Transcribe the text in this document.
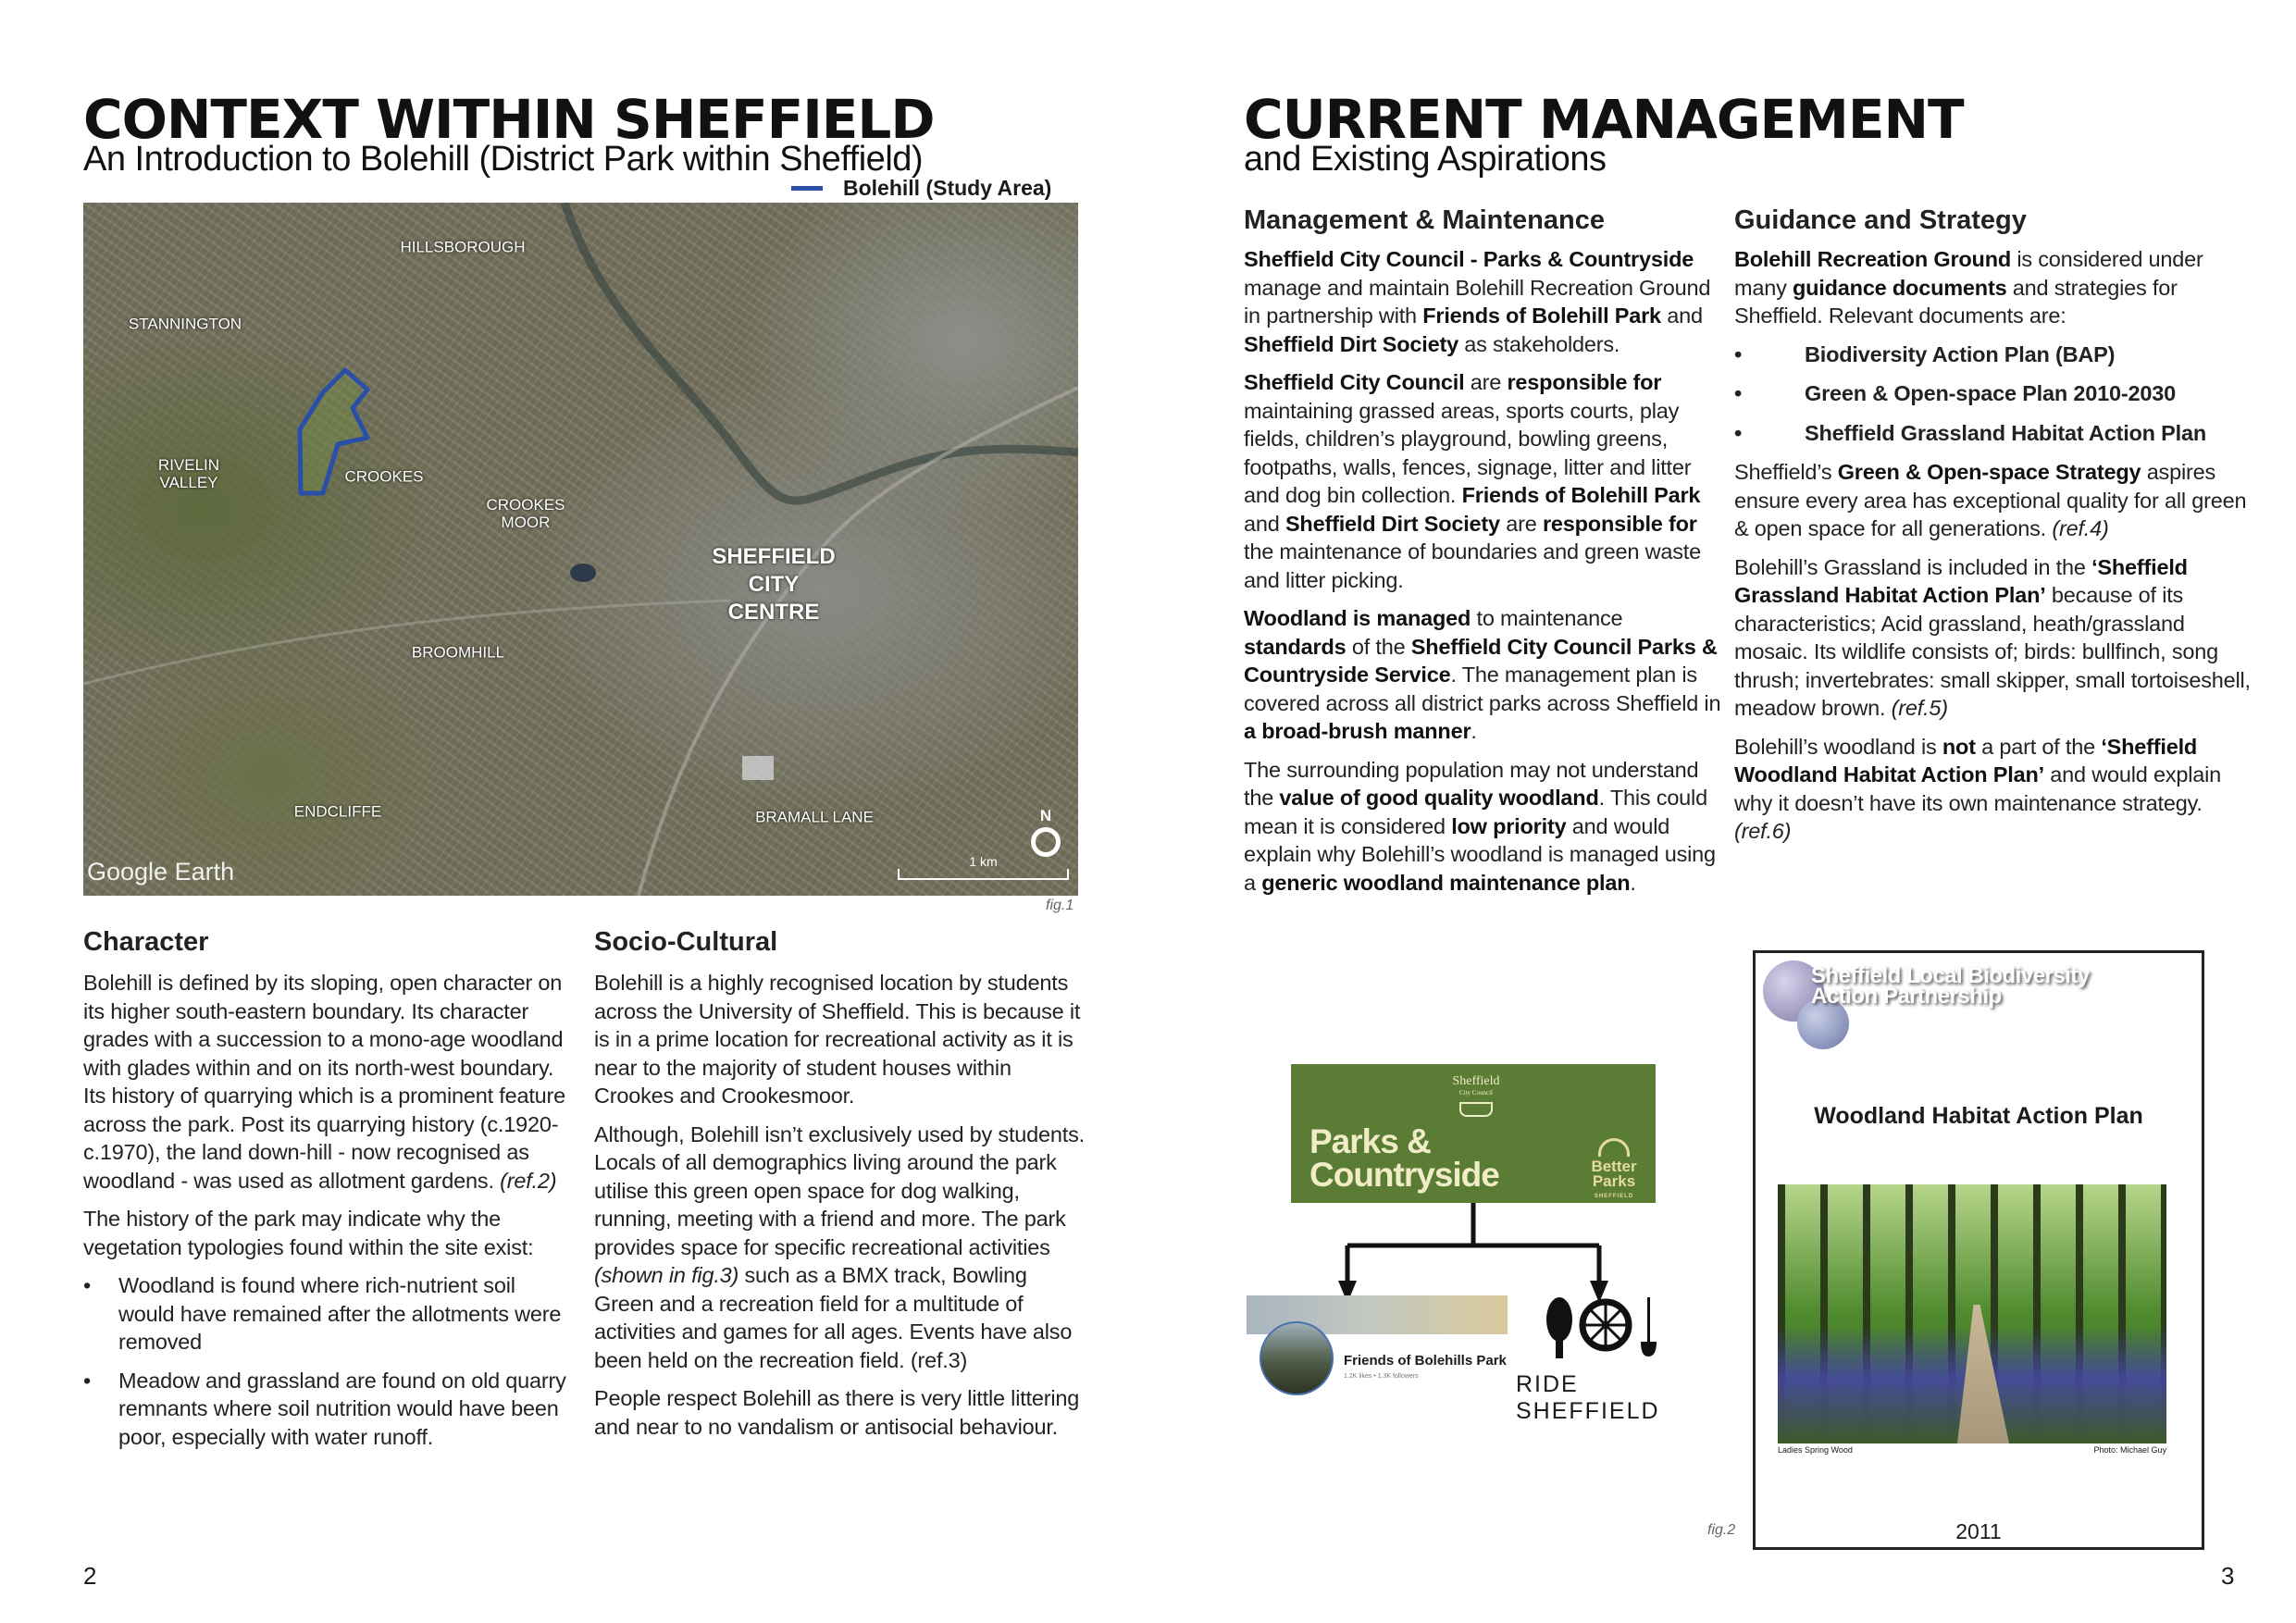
CONTEXT WITHIN SHEFFIELD
An Introduction to Bolehill (District Park within Sheffield)
Bolehill (Study Area)
HILLSBOROUGH
STANNINGTON
RIVELIN
VALLEY	CROOKES
CROOKES
MOOR
SHEFFIELD
CITY
CENTRE
BROOMHILL
ENDCLIFFE	BRAMALL LANE
Google Earth
N
1 km
fig.1
Character

Bolehill is defined by its sloping, open character on its higher south-eastern boundary. Its character grades with a succession to a mono-age woodland with glades within and on its north-west boundary. Its history of quarrying which is a prominent feature across the park. Post its quarrying history (c.1920-c.1970), the land down-hill - now recognised as woodland - was used as allotment gardens. (ref.2)

The history of the park may indicate why the vegetation typologies found within the site exist:

• Woodland is found where rich-nutrient soil would have remained after the allotments were removed
• Meadow and grassland are found on old quarry remnants where soil nutrition would have been poor, especially with water runoff.
Socio-Cultural

Bolehill is a highly recognised location by students across the University of Sheffield. This is because it is in a prime location for recreational activity as it is near to the majority of student houses within Crookes and Crookesmoor.

Although, Bolehill isn’t exclusively used by students. Locals of all demographics living around the park utilise this green open space for dog walking, running, meeting with a friend and more. The park provides space for specific recreational activities (shown in fig.3) such as a BMX track, Bowling Green and a recreation field for a multitude of activities and games for all ages. Events have also been held on the recreation field. (ref.3)

People respect Bolehill as there is very little littering and near to no vandalism or antisocial behaviour.

2
CURRENT MANAGEMENT
and Existing Aspirations
Management & Maintenance

Sheffield City Council - Parks & Countryside manage and maintain Bolehill Recreation Ground in partnership with Friends of Bolehill Park and Sheffield Dirt Society as stakeholders.

Sheffield City Council are responsible for maintaining grassed areas, sports courts, play fields, children’s playground, bowling greens, footpaths, walls, fences, signage, litter and litter and dog bin collection. Friends of Bolehill Park and Sheffield Dirt Society are responsible for the maintenance of boundaries and green waste and litter picking.

Woodland is managed to maintenance standards of the Sheffield City Council Parks & Countryside Service. The management plan is covered across all district parks across Sheffield in a broad-brush manner.

The surrounding population may not understand the value of good quality woodland. This could mean it is considered low priority and would explain why Bolehill’s woodland is managed using a generic woodland maintenance plan.

Guidance and Strategy

Bolehill Recreation Ground is considered under many guidance documents and strategies for Sheffield. Relevant documents are:

• Biodiversity Action Plan (BAP)
• Green & Open-space Plan 2010-2030
• Sheffield Grassland Habitat Action Plan

Sheffield’s Green & Open-space Strategy aspires ensure every area has exceptional quality for all green & open space for all generations. (ref.4)

Bolehill’s Grassland is included in the ‘Sheffield Grassland Habitat Action Plan’ because of its characteristics; Acid grassland, heath/grassland mosaic. Its wildlife consists of; birds: bullfinch, song thrush; invertebrates: small skipper, small tortoiseshell, meadow brown. (ref.5)

Bolehill’s woodland is not a part of the ‘Sheffield Woodland Habitat Action Plan’ and would explain why it doesn’t have its own maintenance strategy. (ref.6)

Sheffield
City Council
Parks &
Countryside	Better
Parks
SHEFFIELD
Friends of Bolehills Park
1.2K likes • 1.3K followers	RIDE SHEFFIELD
fig.2
Sheffield Local Biodiversity
Action Partnership
Woodland Habitat Action Plan
Ladies Spring Wood	Photo: Michael Guy
2011
3
